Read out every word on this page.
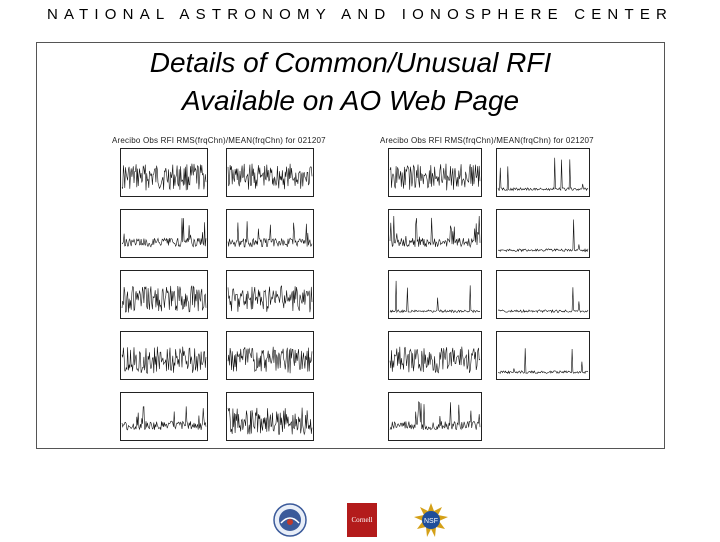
NATIONAL ASTRONOMY AND IONOSPHERE CENTER
Details of Common/Unusual RFI
Available on AO Web Page
Arecibo Obs RFI RMS(frqChn)/MEAN(frqChn) for 021207	Arecibo Obs RFI RMS(frqChn)/MEAN(frqChn) for 021207
Cornell	NSF
